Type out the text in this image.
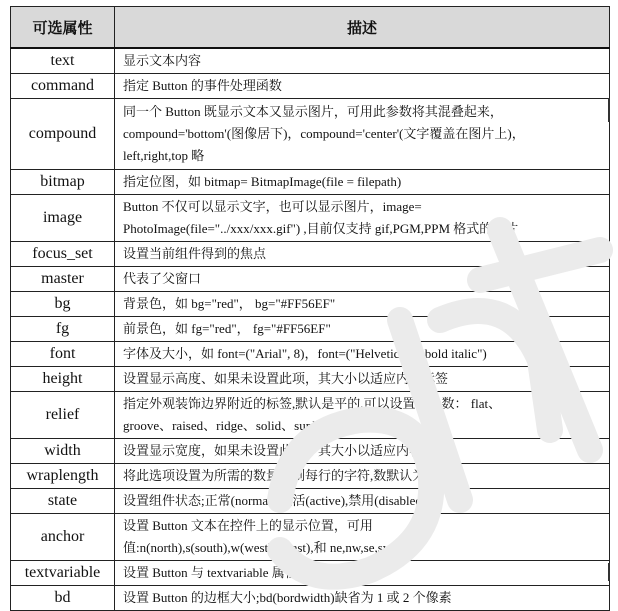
可选属性	描述
text	显示文本内容

command	指定 Button 的事件处理函数

compound	同一个 Button 既显示文本又显示图片，可用此参数将其混叠起来，
compound='bottom'(图像居下)，compound='center'(文字覆盖在图片上)，
left,right,top 略

bitmap	指定位图，如 bitmap= BitmapImage(file = filepath)

image	Button 不仅可以显示文字，也可以显示图片，image=
PhotoImage(file="../xxx/xxx.gif") ,目前仅支持 gif,PGM,PPM 格式的图片

focus_set	设置当前组件得到的焦点

master	代表了父窗口

bg	背景色，如 bg="red"， bg="#FF56EF"

fg	前景色，如 fg="red"， fg="#FF56EF"

font	字体及大小，如 font=("Arial", 8)，font=("Helvetica 16 bold italic")

height	设置显示高度、如果未设置此项，其大小以适应内容标签

relief	指定外观装饰边界附近的标签,默认是平的,可以设置的参数： flat、
groove、raised、ridge、solid、sunken

width	设置显示宽度，如果未设置此项，其大小以适应内容标签

wraplength	将此选项设置为所需的数量限制每行的字符,数默认为 0

state	设置组件状态;正常(normal),激活(active),禁用(disabled)

anchor	设置 Button 文本在控件上的显示位置，可用
值:n(north),s(south),w(west),e(east),和 ne,nw,se,sw

textvariable	设置 Button 与 textvariable 属性

bd	设置 Button 的边框大小;bd(bordwidth)缺省为 1 或 2 个像素
